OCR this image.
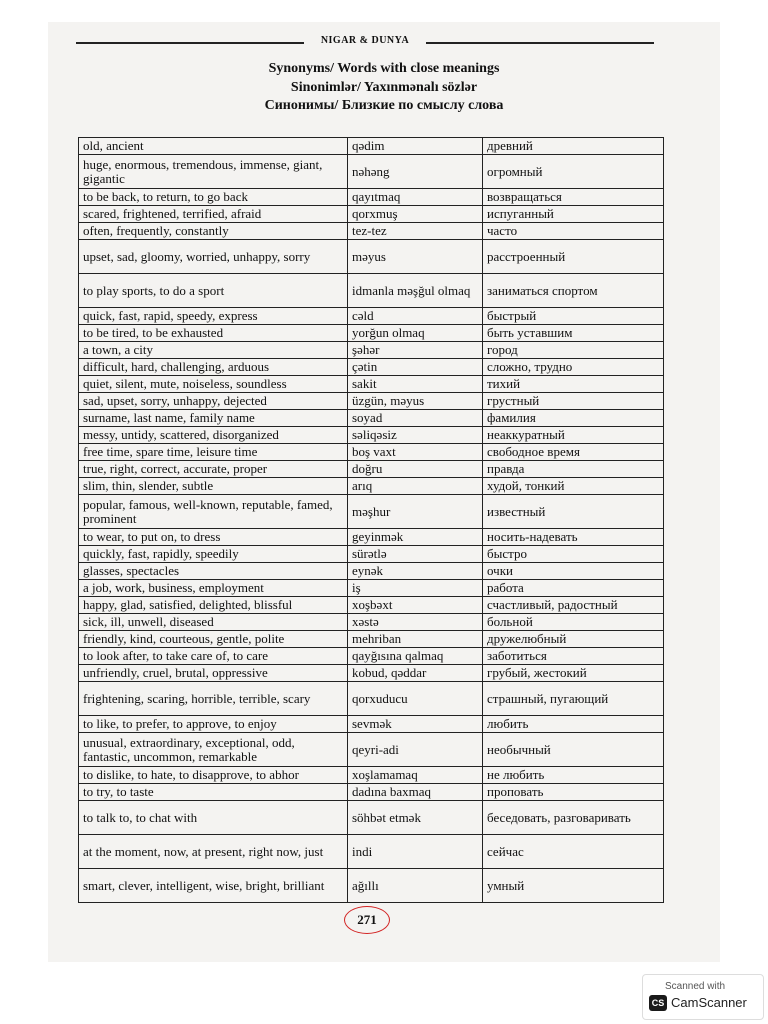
NIGAR & DUNYA
Synonyms/ Words with close meanings
Sinonimlər/ Yaxınmənalı sözlər
Синонимы/ Близкие по смыслу слова
old, ancient	qədim	древний
huge, enormous, tremendous, immense, giant, gigantic	nəhəng	огромный
to be back, to return, to go back	qayıtmaq	возвращаться
scared, frightened, terrified, afraid	qorxmuş	испуганный
often, frequently, constantly	tez-tez	часто
upset, sad, gloomy, worried, unhappy, sorry	məyus	расстроенный
to play sports, to do a sport	idmanla məşğul olmaq	заниматься спортом
quick, fast, rapid, speedy, express	cəld	быстрый
to be tired, to be exhausted	yorğun olmaq	быть уставшим
a town, a city	şəhər	город
difficult, hard, challenging, arduous	çətin	сложно, трудно
quiet, silent, mute, noiseless, soundless	sakit	тихий
sad, upset, sorry, unhappy, dejected	üzgün, məyus	грустный
surname, last name, family name	soyad	фамилия
messy, untidy, scattered, disorganized	səliqəsiz	неаккуратный
free time, spare time, leisure time	boş vaxt	свободное время
true, right, correct, accurate, proper	doğru	правда
slim, thin, slender, subtle	arıq	худой, тонкий
popular, famous, well-known, reputable, famed, prominent	məşhur	известный
to wear, to put on, to dress	geyinmək	носить-надевать
quickly, fast, rapidly, speedily	sürətlə	быстро
glasses, spectacles	eynək	очки
a job, work, business, employment	iş	работа
happy, glad, satisfied, delighted, blissful	xoşbəxt	счастливый, радостный
sick, ill, unwell, diseased	xəstə	больной
friendly, kind, courteous, gentle, polite	mehriban	дружелюбный
to look after, to take care of, to care	qayğısına qalmaq	заботиться
unfriendly, cruel, brutal, oppressive	kobud, qəddar	грубый, жестокий
frightening, scaring, horrible, terrible, scary	qorxuducu	страшный, пугающий
to like, to prefer, to approve, to enjoy	sevmək	любить
unusual, extraordinary, exceptional, odd, fantastic, uncommon, remarkable	qeyri-adi	необычный
to dislike, to hate, to disapprove, to abhor	xoşlamamaq	не любить
to try, to taste	dadına baxmaq	проповать
to talk to, to chat with	söhbət etmək	беседовать, разговаривать
at the moment, now, at present, right now, just	indi	сейчас
smart, clever, intelligent, wise, bright, brilliant	ağıllı	умный
271
Scanned with
CS CamScanner
